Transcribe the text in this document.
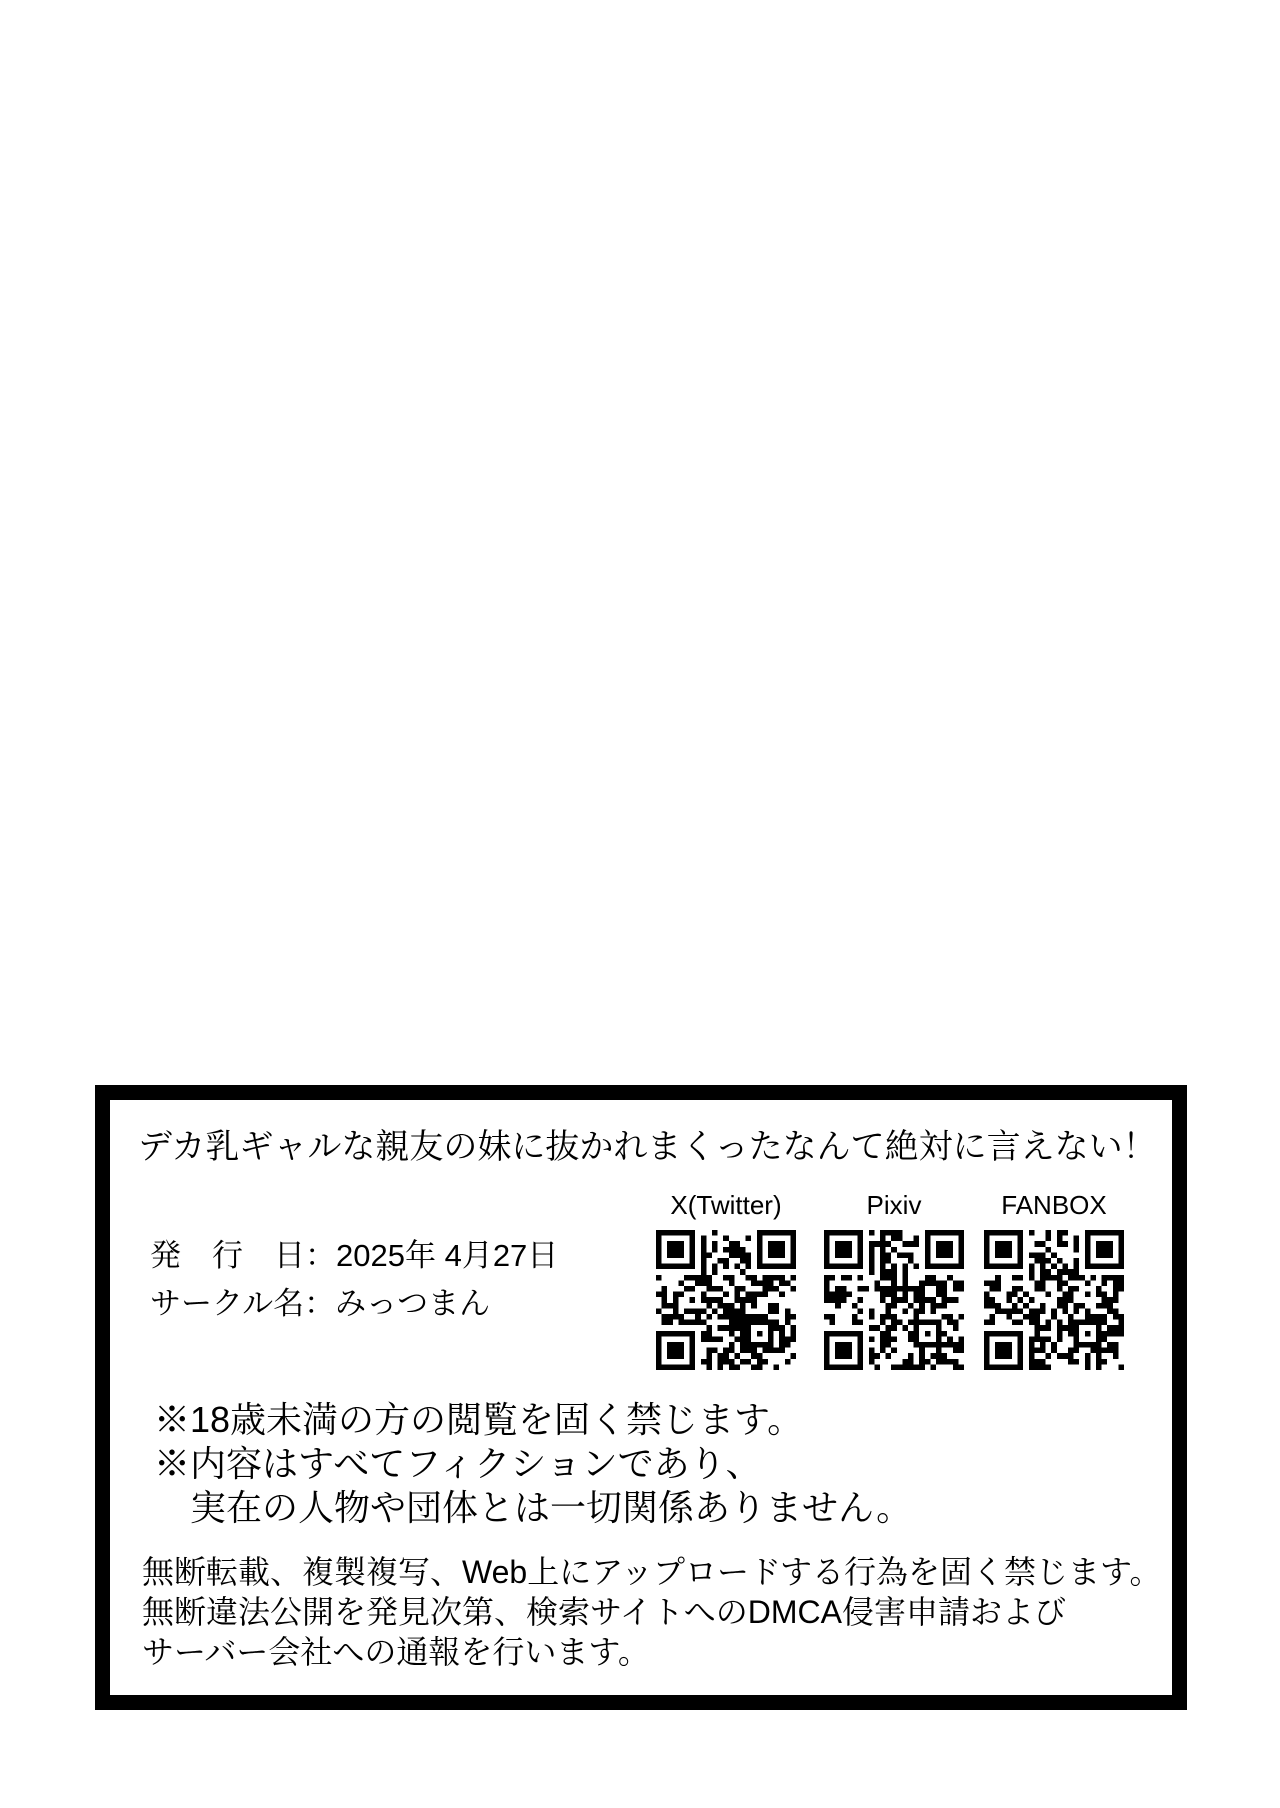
デカ乳ギャルな親友の妹に抜かれまくったなんて絶対に言えない！
発　行　日：2025年 4月27日
サークル名：みっつまん
X(Twitter)	Pixiv	FANBOX
※18歳未満の方の閲覧を固く禁じます。
※内容はすべてフィクションであり、
　実在の人物や団体とは一切関係ありません。
無断転載、複製複写、Web上にアップロードする行為を固く禁じます。
無断違法公開を発見次第、検索サイトへのDMCA侵害申請および
サーバー会社への通報を行います。
